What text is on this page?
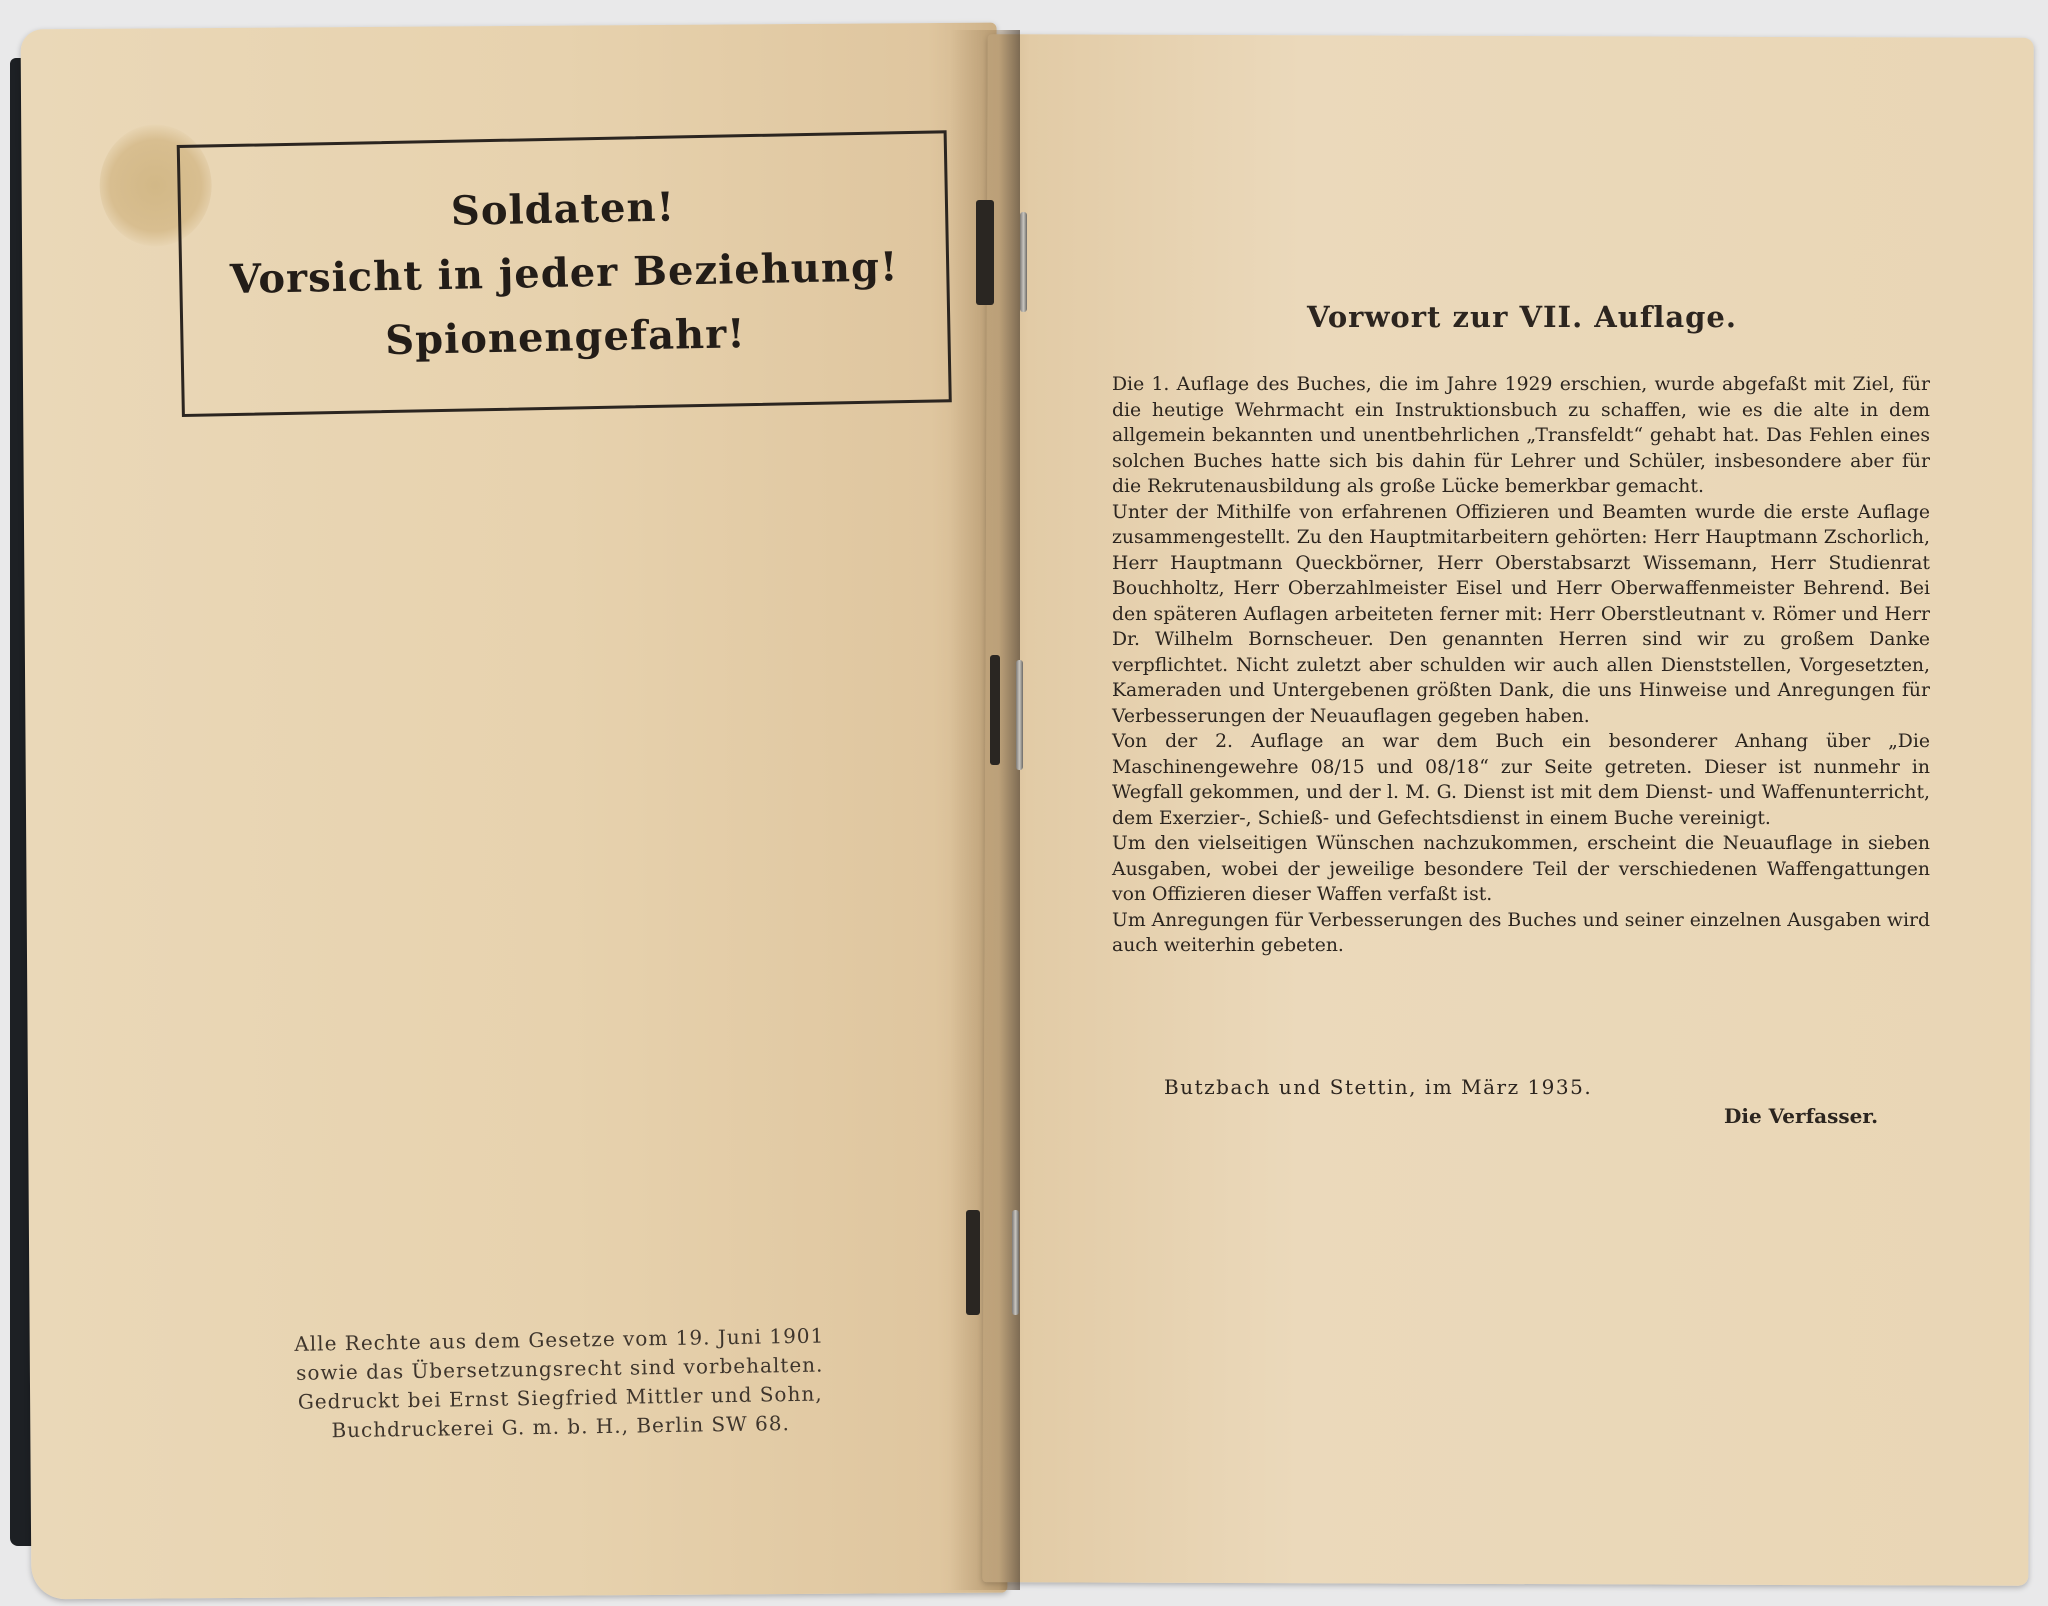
Soldaten!
Vorsicht in jeder Beziehung!
Spionengefahr!
Alle Rechte aus dem Gesetze vom 19. Juni 1901
sowie das Übersetzungsrecht sind vorbehalten.
Gedruckt bei Ernst Siegfried Mittler und Sohn,
Buchdruckerei G. m. b. H., Berlin SW 68.
Vorwort zur VII. Auflage.
Die 1. Auflage des Buches, die im Jahre 1929 erschien, wurde abgefaßt mit Ziel, für die heutige Wehrmacht ein Instruktionsbuch zu schaffen, wie es die alte in dem allgemein bekannten und unentbehrlichen „Transfeldt“ gehabt hat. Das Fehlen eines solchen Buches hatte sich bis dahin für Lehrer und Schüler, insbesondere aber für die Rekrutenausbildung als große Lücke bemerkbar gemacht.
Unter der Mithilfe von erfahrenen Offizieren und Beamten wurde die erste Auflage zusammengestellt. Zu den Hauptmitarbeitern gehörten: Herr Hauptmann Zschorlich, Herr Hauptmann Queckbörner, Herr Oberstabsarzt Wissemann, Herr Studienrat Bouchholtz, Herr Oberzahlmeister Eisel und Herr Oberwaffenmeister Behrend. Bei den späteren Auflagen arbeiteten ferner mit: Herr Oberstleutnant v. Römer und Herr Dr. Wilhelm Bornscheuer. Den genannten Herren sind wir zu großem Danke verpflichtet. Nicht zuletzt aber schulden wir auch allen Dienststellen, Vorgesetzten, Kameraden und Untergebenen größten Dank, die uns Hinweise und Anregungen für Verbesserungen der Neuauflagen gegeben haben.
Von der 2. Auflage an war dem Buch ein besonderer Anhang über „Die Maschinengewehre 08/15 und 08/18“ zur Seite getreten. Dieser ist nunmehr in Wegfall gekommen, und der l. M. G. Dienst ist mit dem Dienst- und Waffenunterricht, dem Exerzier-, Schieß- und Gefechtsdienst in einem Buche vereinigt.
Um den vielseitigen Wünschen nachzukommen, erscheint die Neuauflage in sieben Ausgaben, wobei der jeweilige besondere Teil der verschiedenen Waffengattungen von Offizieren dieser Waffen verfaßt ist.
Um Anregungen für Verbesserungen des Buches und seiner einzelnen Ausgaben wird auch weiterhin gebeten.
Butzbach und Stettin, im März 1935.
Die Verfasser.
